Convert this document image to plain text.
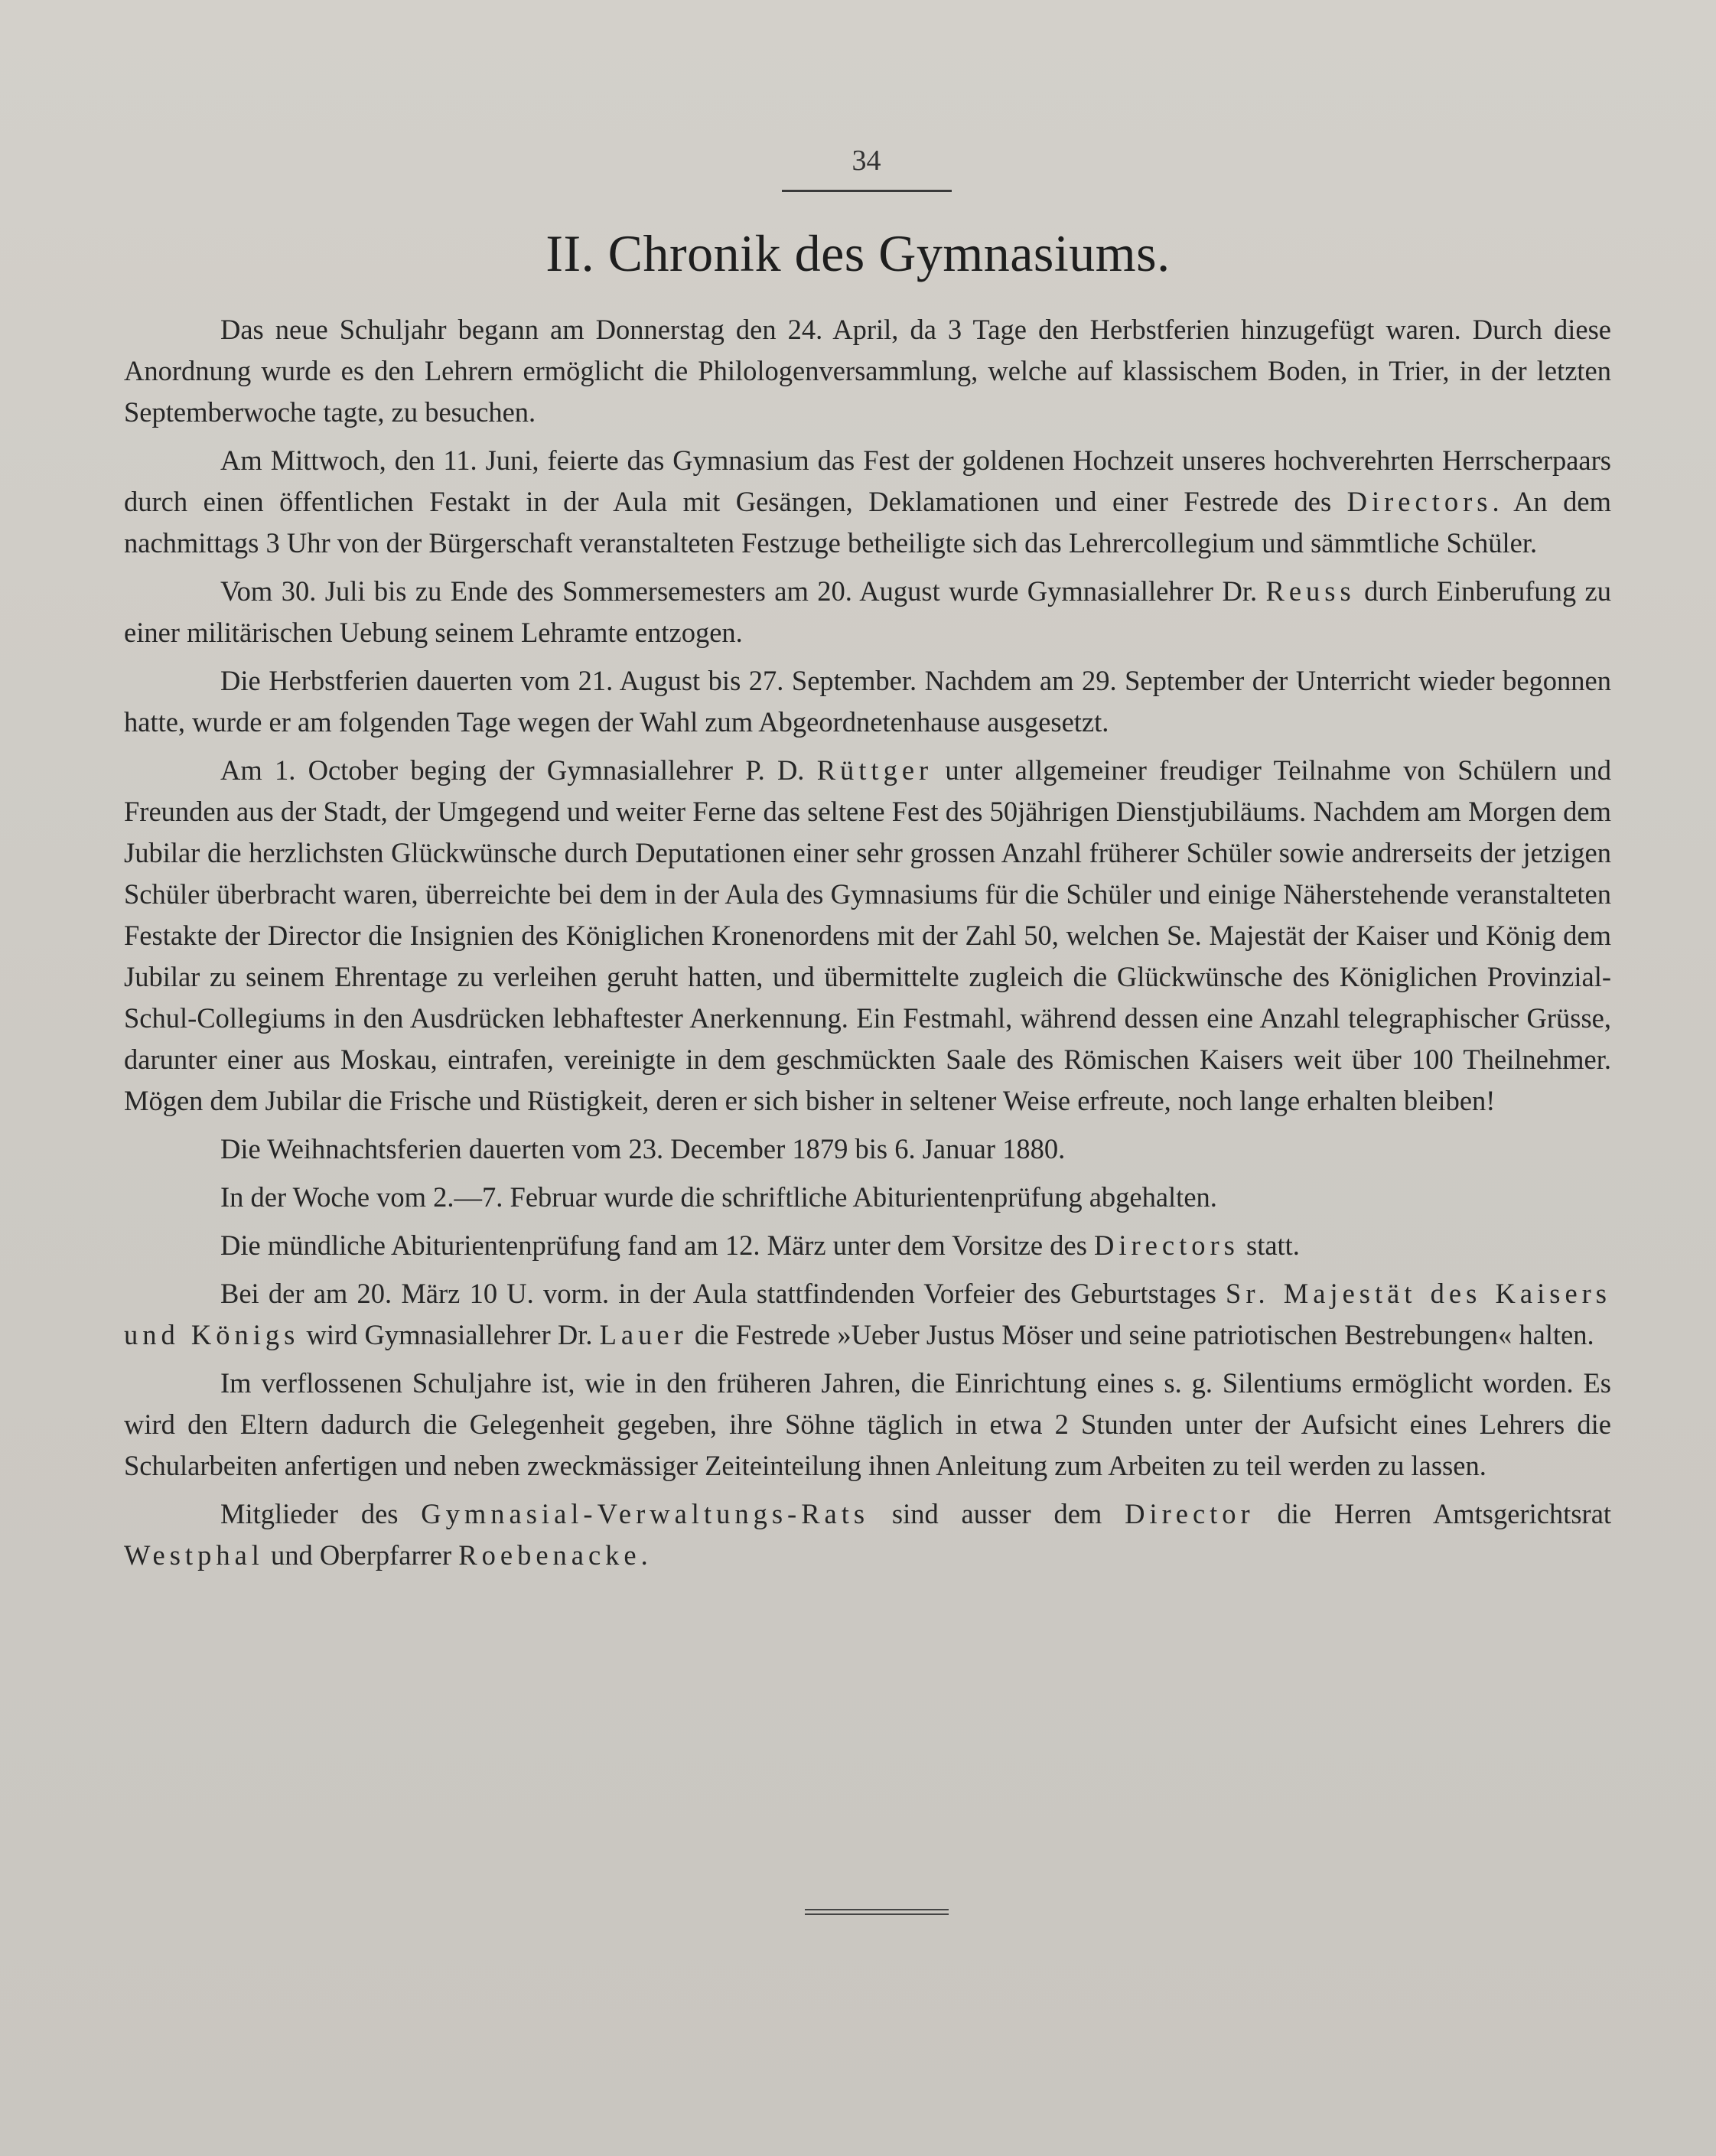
34
II. Chronik des Gymnasiums.

Das neue Schuljahr begann am Donnerstag den 24. April, da 3 Tage den Herbstferien hinzugefügt waren. Durch diese Anordnung wurde es den Lehrern ermöglicht die Philologenversammlung, welche auf klassischem Boden, in Trier, in der letzten Septemberwoche tagte, zu besuchen.

Am Mittwoch, den 11. Juni, feierte das Gymnasium das Fest der goldenen Hochzeit unseres hochverehrten Herrscherpaars durch einen öffentlichen Festakt in der Aula mit Gesängen, Deklamationen und einer Festrede des Directors. An dem nachmittags 3 Uhr von der Bürgerschaft veranstalteten Festzuge betheiligte sich das Lehrercollegium und sämmtliche Schüler.

Vom 30. Juli bis zu Ende des Sommersemesters am 20. August wurde Gymnasiallehrer Dr. Reuss durch Einberufung zu einer militärischen Uebung seinem Lehramte entzogen.

Die Herbstferien dauerten vom 21. August bis 27. September. Nachdem am 29. September der Unterricht wieder begonnen hatte, wurde er am folgenden Tage wegen der Wahl zum Abgeordnetenhause ausgesetzt.

Am 1. October beging der Gymnasiallehrer P. D. Rüttger unter allgemeiner freudiger Teilnahme von Schülern und Freunden aus der Stadt, der Umgegend und weiter Ferne das seltene Fest des 50jährigen Dienstjubiläums. Nachdem am Morgen dem Jubilar die herzlichsten Glückwünsche durch Deputationen einer sehr grossen Anzahl früherer Schüler sowie andrerseits der jetzigen Schüler überbracht waren, überreichte bei dem in der Aula des Gymnasiums für die Schüler und einige Näherstehende veranstalteten Festakte der Director die Insignien des Königlichen Kronenordens mit der Zahl 50, welchen Se. Majestät der Kaiser und König dem Jubilar zu seinem Ehrentage zu verleihen geruht hatten, und übermittelte zugleich die Glückwünsche des Königlichen Provinzial-Schul-Collegiums in den Ausdrücken lebhaftester Anerkennung. Ein Festmahl, während dessen eine Anzahl telegraphischer Grüsse, darunter einer aus Moskau, eintrafen, vereinigte in dem geschmückten Saale des Römischen Kaisers weit über 100 Theilnehmer. Mögen dem Jubilar die Frische und Rüstigkeit, deren er sich bisher in seltener Weise erfreute, noch lange erhalten bleiben!

Die Weihnachtsferien dauerten vom 23. December 1879 bis 6. Januar 1880.

In der Woche vom 2.—7. Februar wurde die schriftliche Abiturientenprüfung abgehalten.

Die mündliche Abiturientenprüfung fand am 12. März unter dem Vorsitze des Directors statt.

Bei der am 20. März 10 U. vorm. in der Aula stattfindenden Vorfeier des Geburtstages Sr. Majestät des Kaisers und Königs wird Gymnasiallehrer Dr. Lauer die Festrede »Ueber Justus Möser und seine patriotischen Bestrebungen« halten.

Im verflossenen Schuljahre ist, wie in den früheren Jahren, die Einrichtung eines s. g. Silentiums ermöglicht worden. Es wird den Eltern dadurch die Gelegenheit gegeben, ihre Söhne täglich in etwa 2 Stunden unter der Aufsicht eines Lehrers die Schularbeiten anfertigen und neben zweckmässiger Zeiteinteilung ihnen Anleitung zum Arbeiten zu teil werden zu lassen.

Mitglieder des Gymnasial-Verwaltungs-Rats sind ausser dem Director die Herren Amtsgerichtsrat Westphal und Oberpfarrer Roebenacke.
